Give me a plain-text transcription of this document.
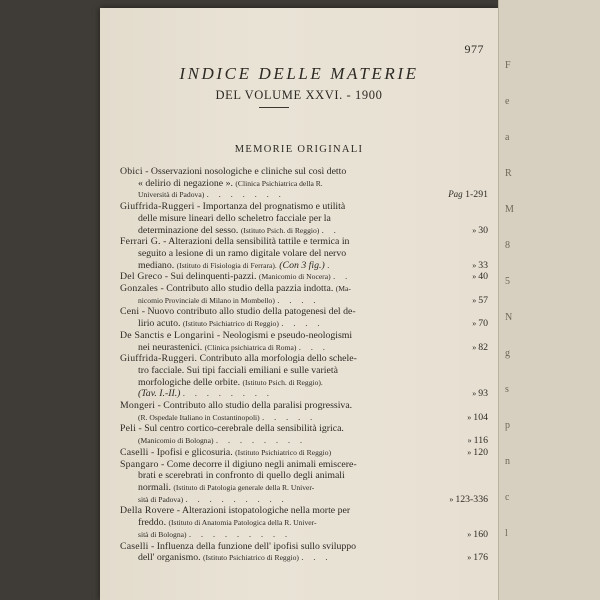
977
INDICE DELLE MATERIE
DEL VOLUME XXVI. - 1900
MEMORIE ORIGINALI
Obici - Osservazioni nosologiche e cliniche sul così detto
« delirio di negazione ». (Clinica Psichiatrica della R.
Università di Padova) . . . . . . .	Pag 1-291
Giuffrida-Ruggeri - Importanza del prognatismo e utilità
delle misure lineari dello scheletro facciale per la
determinazione del sesso. (Istituto Psich. di Reggio) . .	» 30
Ferrari G. - Alterazioni della sensibilità tattile e termica in
seguito a lesione di un ramo digitale volare del nervo
mediano. (Istituto di Fisiologia di Ferrara). (Con 3 fig.) .	» 33
Del Greco - Sui delinquenti-pazzi. (Manicomio di Nocera) . .	» 40
Gonzales - Contributo allo studio della pazzia indotta. (Ma-
nicomio Provinciale di Milano in Mombello) . . . .	» 57
Ceni - Nuovo contributo allo studio della patogenesi del de-
lirio acuto. (Istituto Psichiatrico di Reggio) . . . .	» 70
De Sanctis e Longarini - Neologismi e pseudo-neologismi
nei neurastenici. (Clinica psichiatrica di Roma) . . .	» 82
Giuffrida-Ruggeri. Contributo alla morfologia dello schele-
tro facciale. Sui tipi facciali emiliani e sulle varietà
morfologiche delle orbite. (Istituto Psich. di Reggio).
(Tav. I.-II.) . . . . . . . .	» 93
Mongeri - Contributo allo studio della paralisi progressiva.
(R. Ospedale Italiano in Costantinopoli) . . . . .	» 104
Peli - Sul centro cortico-cerebrale della sensibilità igrica.
(Manicomio di Bologna) . . . . . . . .	» 116
Caselli - Ipofisi e glicosuria. (Istituto Psichiatrico di Reggio)	» 120
Spangaro - Come decorre il digiuno negli animali emiscere-
brati e scerebrati in confronto di quello degli animali
normali. (Istituto di Patologia generale della R. Univer-
sità di Padova) . . . . . . . . .	» 123-336
Della Rovere - Alterazioni istopatologiche nella morte per
freddo. (Istituto di Anatomia Patologica della R. Univer-
sità di Bologna) . . . . . . . . .	» 160
Caselli - Influenza della funzione dell' ipofisi sullo sviluppo
dell' organismo. (Istituto Psichiatrico di Reggio) . . .	» 176
F
e
a
R
M
8
5
N
g
s
p
n
c
l
